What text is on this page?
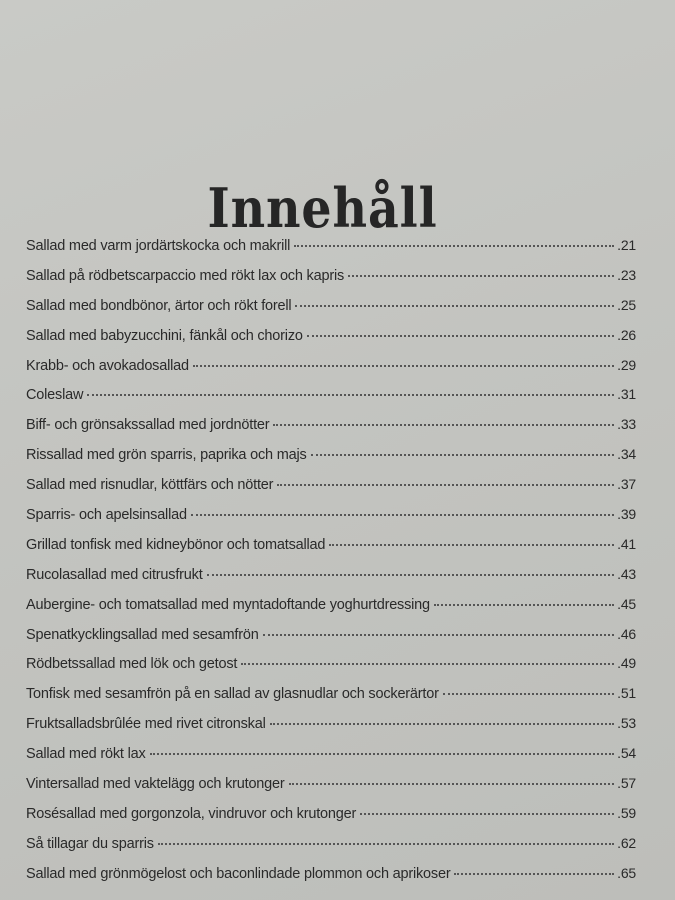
Innehåll
Sallad med varm jordärtskocka och makrill	.21
Sallad på rödbetscarpaccio med rökt lax och kapris	.23
Sallad med bondbönor, ärtor och rökt forell	.25
Sallad med babyzucchini, fänkål och chorizo	.26
Krabb- och avokadosallad	.29
Coleslaw	.31
Biff- och grönsakssallad med jordnötter	.33
Rissallad med grön sparris, paprika och majs	.34
Sallad med risnudlar, köttfärs och nötter	.37
Sparris- och apelsinsallad	.39
Grillad tonfisk med kidneybönor och tomatsallad	.41
Rucolasallad med citrusfrukt	.43
Aubergine- och tomatsallad med myntadoftande yoghurtdressing	.45
Spenatkycklingsallad med sesamfrön	.46
Rödbetssallad med lök och getost	.49
Tonfisk med sesamfrön på en sallad av glasnudlar och sockerärtor	.51
Fruktsalladsbrûlée med rivet citronskal	.53
Sallad med rökt lax	.54
Vintersallad med vaktelägg och krutonger	.57
Rosésallad med gorgonzola, vindruvor och krutonger	.59
Så tillagar du sparris	.62
Sallad med grönmögelost och baconlindade plommon och aprikoser	.65
